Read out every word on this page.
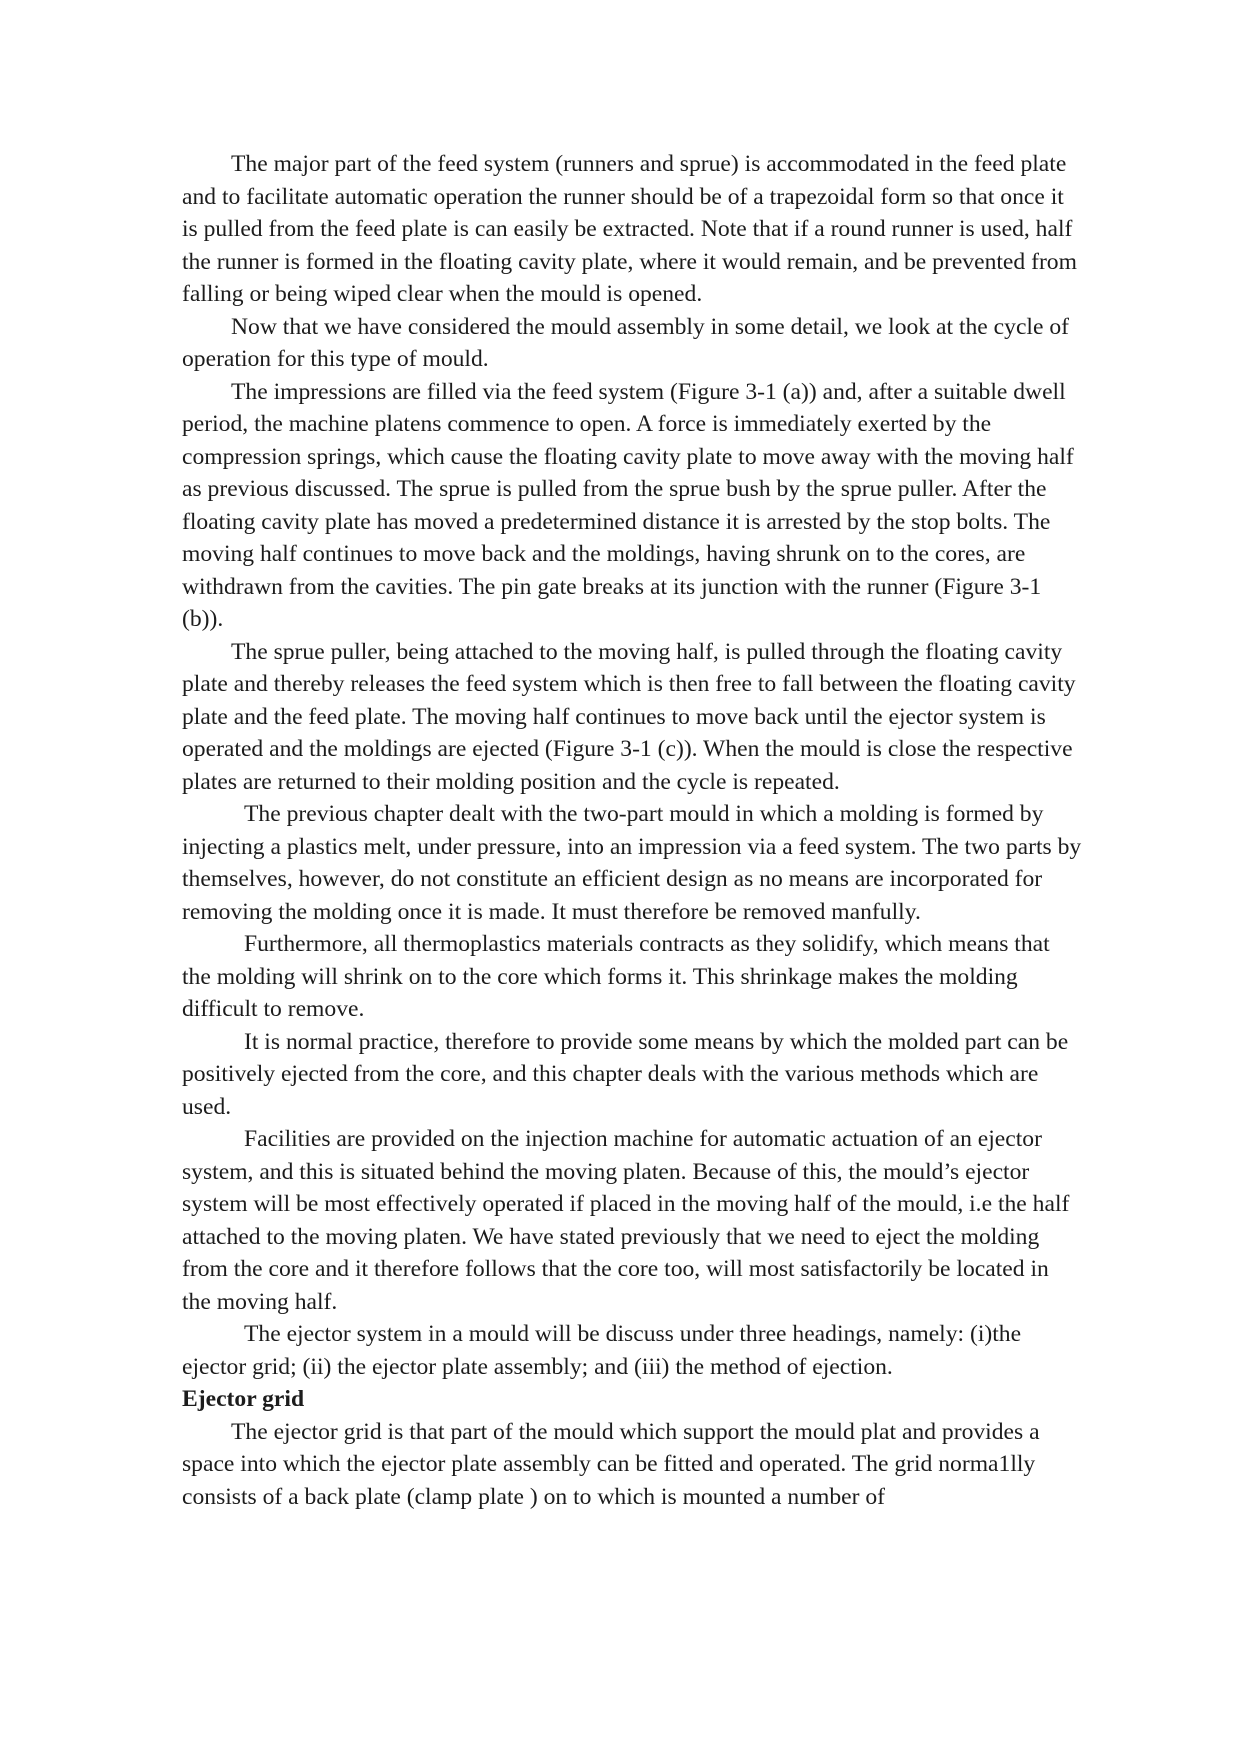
The major part of the feed system (runners and sprue) is accommodated in the feed plate and to facilitate automatic operation the runner should be of a trapezoidal form so that once it is pulled from the feed plate is can easily be extracted. Note that if a round runner is used, half the runner is formed in the floating cavity plate, where it would remain, and be prevented from falling or being wiped clear when the mould is opened.

Now that we have considered the mould assembly in some detail, we look at the cycle of operation for this type of mould.

The impressions are filled via the feed system (Figure 3-1 (a)) and, after a suitable dwell period, the machine platens commence to open. A force is immediately exerted by the compression springs, which cause the floating cavity plate to move away with the moving half as previous discussed. The sprue is pulled from the sprue bush by the sprue puller. After the floating cavity plate has moved a predetermined distance it is arrested by the stop bolts. The moving half continues to move back and the moldings, having shrunk on to the cores, are withdrawn from the cavities. The pin gate breaks at its junction with the runner (Figure 3-1 (b)).

The sprue puller, being attached to the moving half, is pulled through the floating cavity plate and thereby releases the feed system which is then free to fall between the floating cavity plate and the feed plate. The moving half continues to move back until the ejector system is operated and the moldings are ejected (Figure 3-1 (c)). When the mould is close the respective plates are returned to their molding position and the cycle is repeated.

The previous chapter dealt with the two-part mould in which a molding is formed by injecting a plastics melt, under pressure, into an impression via a feed system. The two parts by themselves, however, do not constitute an efficient design as no means are incorporated for removing the molding once it is made. It must therefore be removed manfully.

Furthermore, all thermoplastics materials contracts as they solidify, which means that the molding will shrink on to the core which forms it. This shrinkage makes the molding difficult to remove.

It is normal practice, therefore to provide some means by which the molded part can be positively ejected from the core, and this chapter deals with the various methods which are used.

Facilities are provided on the injection machine for automatic actuation of an ejector system, and this is situated behind the moving platen. Because of this, the mould’s ejector system will be most effectively operated if placed in the moving half of the mould, i.e the half attached to the moving platen. We have stated previously that we need to eject the molding from the core and it therefore follows that the core too, will most satisfactorily be located in the moving half.

The ejector system in a mould will be discuss under three headings, namely: (i)the ejector grid; (ii) the ejector plate assembly; and (iii) the method of ejection.

Ejector grid

The ejector grid is that part of the mould which support the mould plat and provides a space into which the ejector plate assembly can be fitted and operated. The grid norma1lly consists of a back plate (clamp plate ) on to which is mounted a number of
